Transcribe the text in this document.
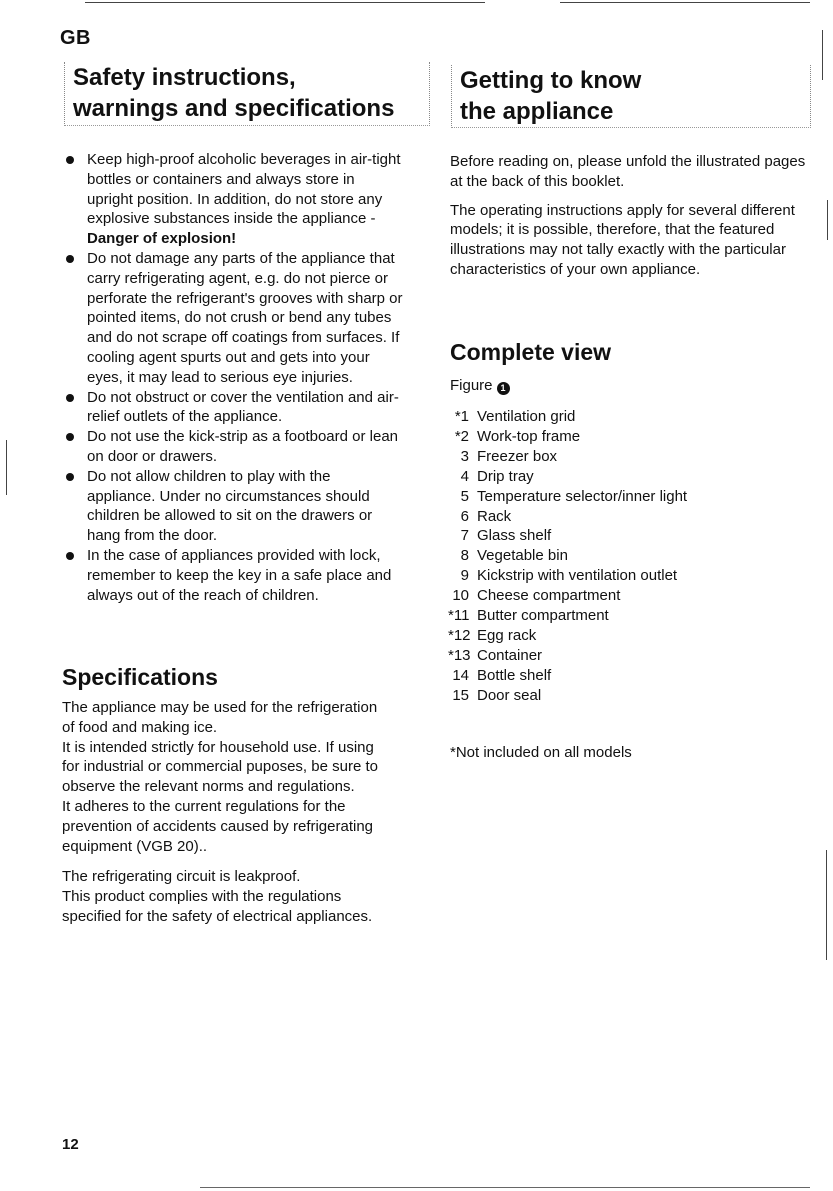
GB
Safety instructions,
warnings and specifications
Keep high-proof alcoholic beverages in air-tight bottles or containers and always store in upright position. In addition, do not store any explosive substances inside the appliance - Danger of explosion!
Do not damage any parts of the appliance that carry refrigerating agent, e.g. do not pierce or perforate the refrigerant's grooves with sharp or pointed items, do not crush or bend any tubes and do not scrape off coatings from surfaces. If cooling agent spurts out and gets into your eyes, it may lead to serious eye injuries.
Do not obstruct or cover the ventilation and air-relief outlets of the appliance.
Do not use the kick-strip as a footboard or lean on door or drawers.
Do not allow children to play with the appliance. Under no circumstances should children be allowed to sit on the drawers or hang from the door.
In the case of appliances provided with lock, remember to keep the key in a safe place and always out of the reach of children.
Specifications

The appliance may be used for the refrigeration of food and making ice.

It is intended strictly for household use. If using for industrial or commercial puposes, be sure to observe the relevant norms and regulations.

It adheres to the current regulations for the prevention of accidents caused by refrigerating equipment (VGB 20)..

The refrigerating circuit is leakproof.

This product complies with the regulations specified for the safety of electrical appliances.

Getting to know
the appliance

Before reading on, please unfold the illustrated pages at the back of this booklet.

The operating instructions apply for several different models; it is possible, therefore, that the featured illustrations may not tally exactly with the particular characteristics of your own appliance.

Complete view
Figure 1
*1 Ventilation grid
*2 Work-top frame
3 Freezer box
4 Drip tray
5 Temperature selector/inner light
6 Rack
7 Glass shelf
8 Vegetable bin
9 Kickstrip with ventilation outlet
10 Cheese compartment
*11 Butter compartment
*12 Egg rack
*13 Container
14 Bottle shelf
15 Door seal
*Not included on all models
12
